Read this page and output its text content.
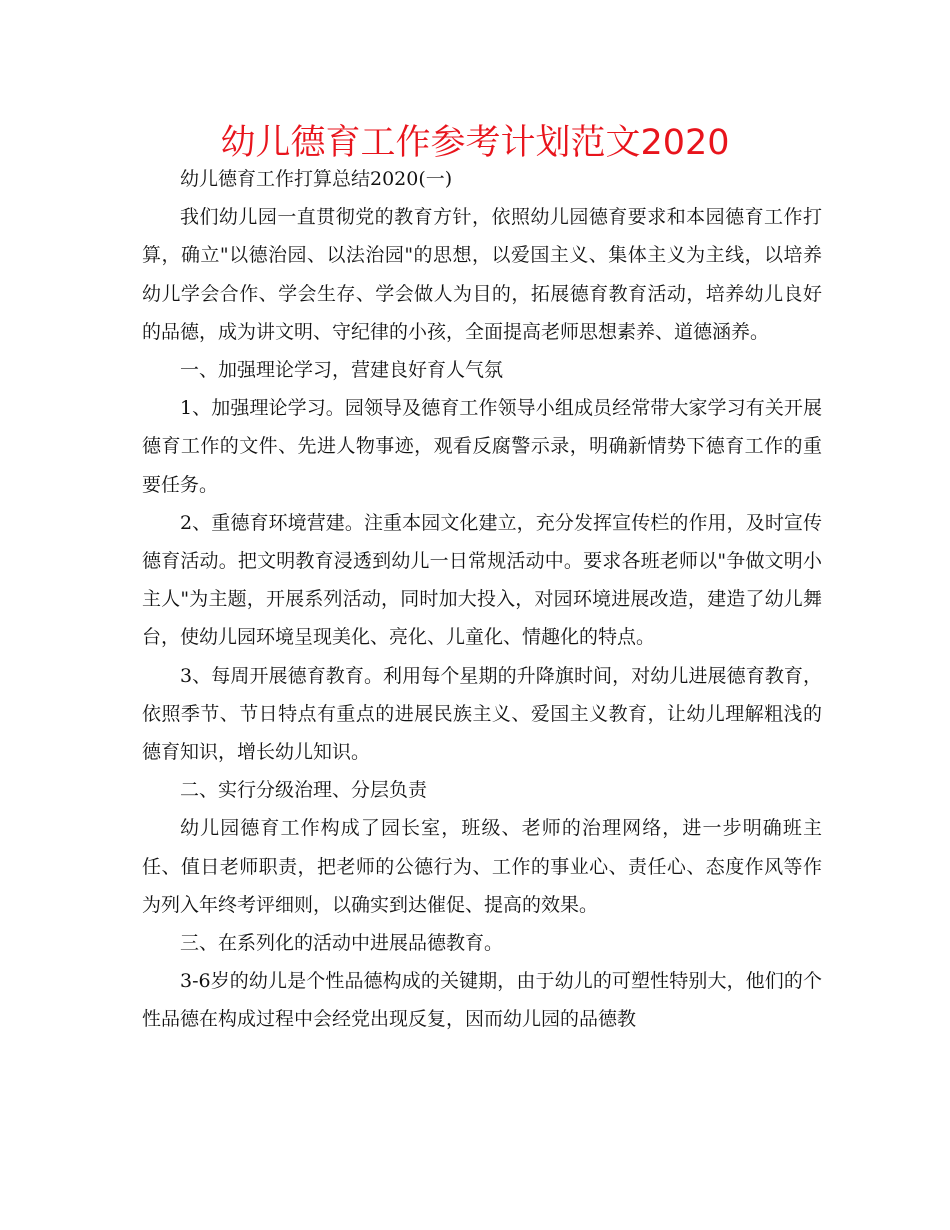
幼儿德育工作参考计划范文2020

幼儿德育工作打算总结2020(一)

我们幼儿园一直贯彻党的教育方针，依照幼儿园德育要求和本园德育工作打算，确立"以德治园、以法治园"的思想，以爱国主义、集体主义为主线，以培养幼儿学会合作、学会生存、学会做人为目的，拓展德育教育活动，培养幼儿良好的品德，成为讲文明、守纪律的小孩，全面提高老师思想素养、道德涵养。

一、加强理论学习，营建良好育人气氛

1、加强理论学习。园领导及德育工作领导小组成员经常带大家学习有关开展德育工作的文件、先进人物事迹，观看反腐警示录，明确新情势下德育工作的重要任务。

2、重德育环境营建。注重本园文化建立，充分发挥宣传栏的作用，及时宣传德育活动。把文明教育浸透到幼儿一日常规活动中。要求各班老师以"争做文明小主人"为主题，开展系列活动，同时加大投入，对园环境进展改造，建造了幼儿舞台，使幼儿园环境呈现美化、亮化、儿童化、情趣化的特点。

3、每周开展德育教育。利用每个星期的升降旗时间，对幼儿进展德育教育，依照季节、节日特点有重点的进展民族主义、爱国主义教育，让幼儿理解粗浅的德育知识，增长幼儿知识。

二、实行分级治理、分层负责

幼儿园德育工作构成了园长室，班级、老师的治理网络，进一步明确班主任、值日老师职责，把老师的公德行为、工作的事业心、责任心、态度作风等作为列入年终考评细则，以确实到达催促、提高的效果。

三、在系列化的活动中进展品德教育。

3-6岁的幼儿是个性品德构成的关键期，由于幼儿的可塑性特别大，他们的个性品德在构成过程中会经党出现反复，因而幼儿园的品德教
